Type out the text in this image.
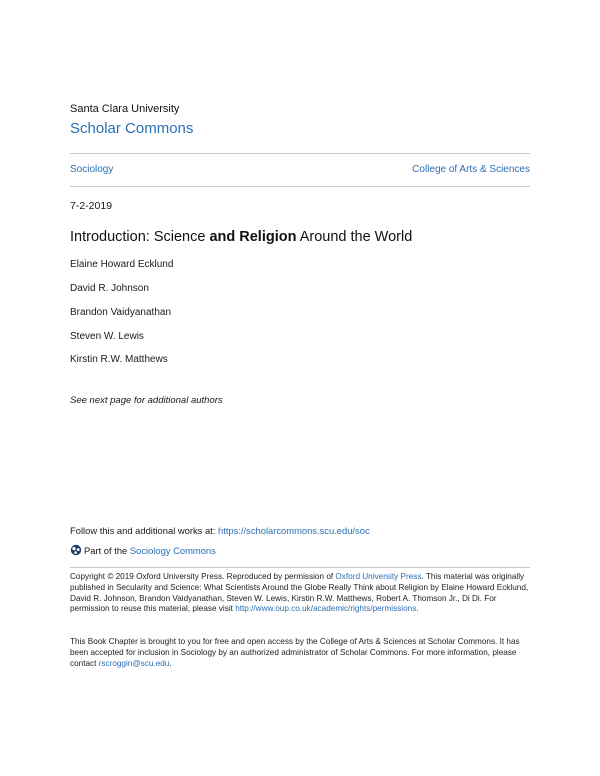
Santa Clara University
Scholar Commons
Sociology	College of Arts & Sciences
7-2-2019
Introduction: Science and Religion Around the World
Elaine Howard Ecklund
David R. Johnson
Brandon Vaidyanathan
Steven W. Lewis
Kirstin R.W. Matthews
See next page for additional authors
Follow this and additional works at: https://scholarcommons.scu.edu/soc
Part of the Sociology Commons

Copyright © 2019 Oxford University Press. Reproduced by permission of Oxford University Press. This material was originally published in Secularity and Science: What Scientists Around the Globe Really Think about Religion by Elaine Howard Ecklund, David R. Johnson, Brandon Vaidyanathan, Steven W. Lewis, Kirstin R.W. Matthews, Robert A. Thomson Jr., Di Di. For permission to reuse this material, please visit http://www.oup.co.uk/academic/rights/permissions.

This Book Chapter is brought to you for free and open access by the College of Arts & Sciences at Scholar Commons. It has been accepted for inclusion in Sociology by an authorized administrator of Scholar Commons. For more information, please contact rscroggin@scu.edu.
